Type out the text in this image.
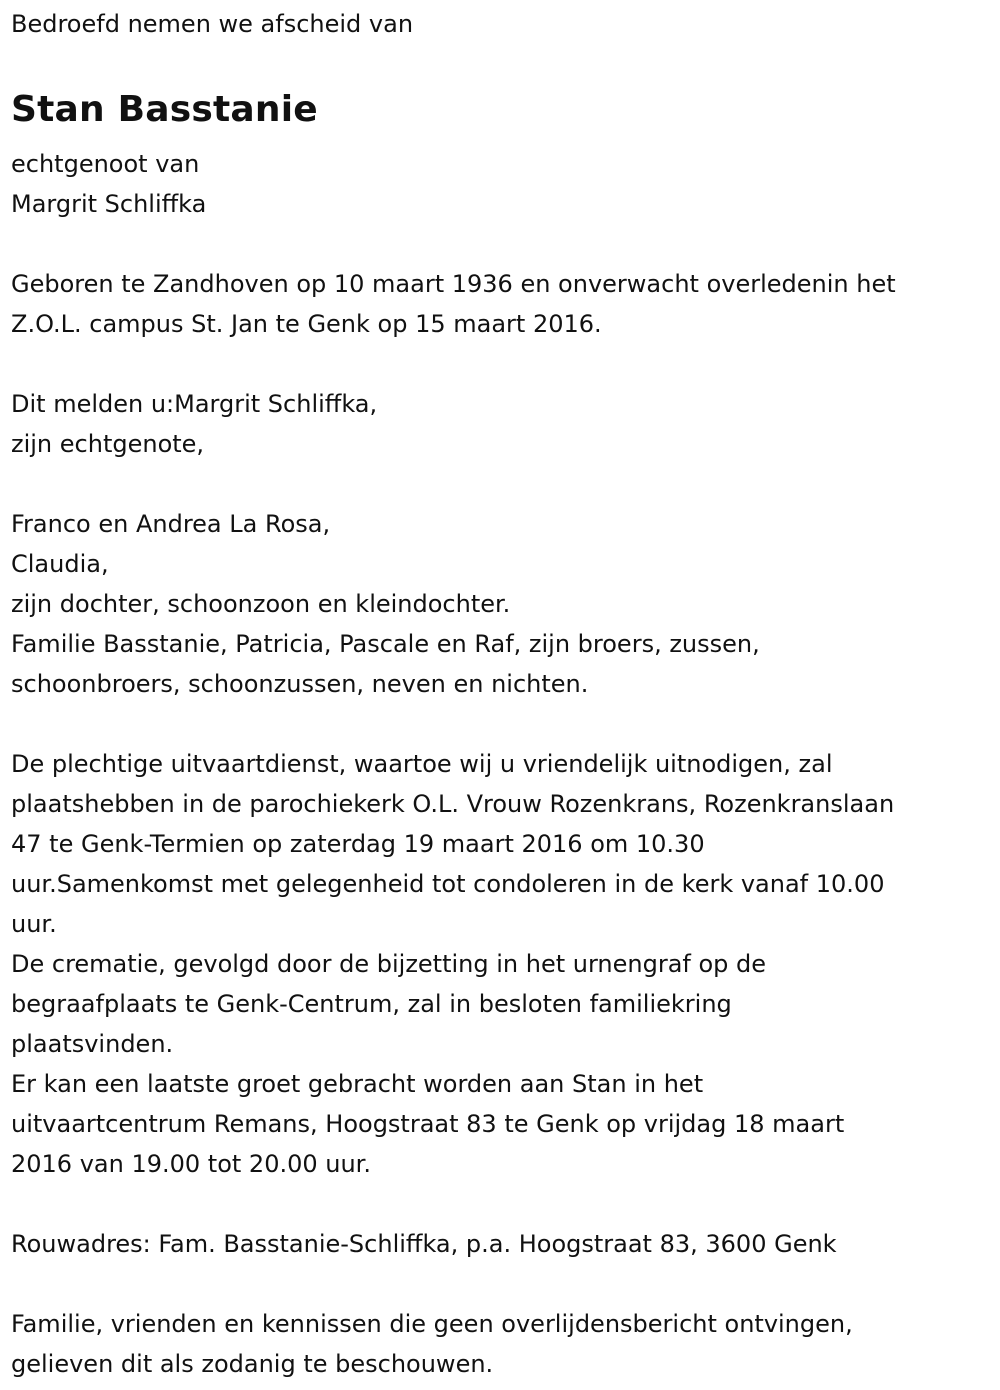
Bedroefd nemen we afscheid van
Stan Basstanie
echtgenoot van
Margrit Schliffka
Geboren te Zandhoven op 10 maart 1936 en onverwacht overledenin het
Z.O.L. campus St. Jan te Genk op 15 maart 2016.
Dit melden u:Margrit Schliffka,
zijn echtgenote,
Franco en Andrea La Rosa,
Claudia,
zijn dochter, schoonzoon en kleindochter.
Familie Basstanie, Patricia, Pascale en Raf, zijn broers, zussen,
schoonbroers, schoonzussen, neven en nichten.
De plechtige uitvaartdienst, waartoe wij u vriendelijk uitnodigen, zal
plaatshebben in de parochiekerk O.L. Vrouw Rozenkrans, Rozenkranslaan
47 te Genk-Termien op zaterdag 19 maart 2016 om 10.30
uur.Samenkomst met gelegenheid tot condoleren in de kerk vanaf 10.00
uur.
De crematie, gevolgd door de bijzetting in het urnengraf op de
begraafplaats te Genk-Centrum, zal in besloten familiekring
plaatsvinden.
Er kan een laatste groet gebracht worden aan Stan in het
uitvaartcentrum Remans, Hoogstraat 83 te Genk op vrijdag 18 maart
2016 van 19.00 tot 20.00 uur.
Rouwadres: Fam. Basstanie-Schliffka, p.a. Hoogstraat 83, 3600 Genk
Familie, vrienden en kennissen die geen overlijdensbericht ontvingen,
gelieven dit als zodanig te beschouwen.
